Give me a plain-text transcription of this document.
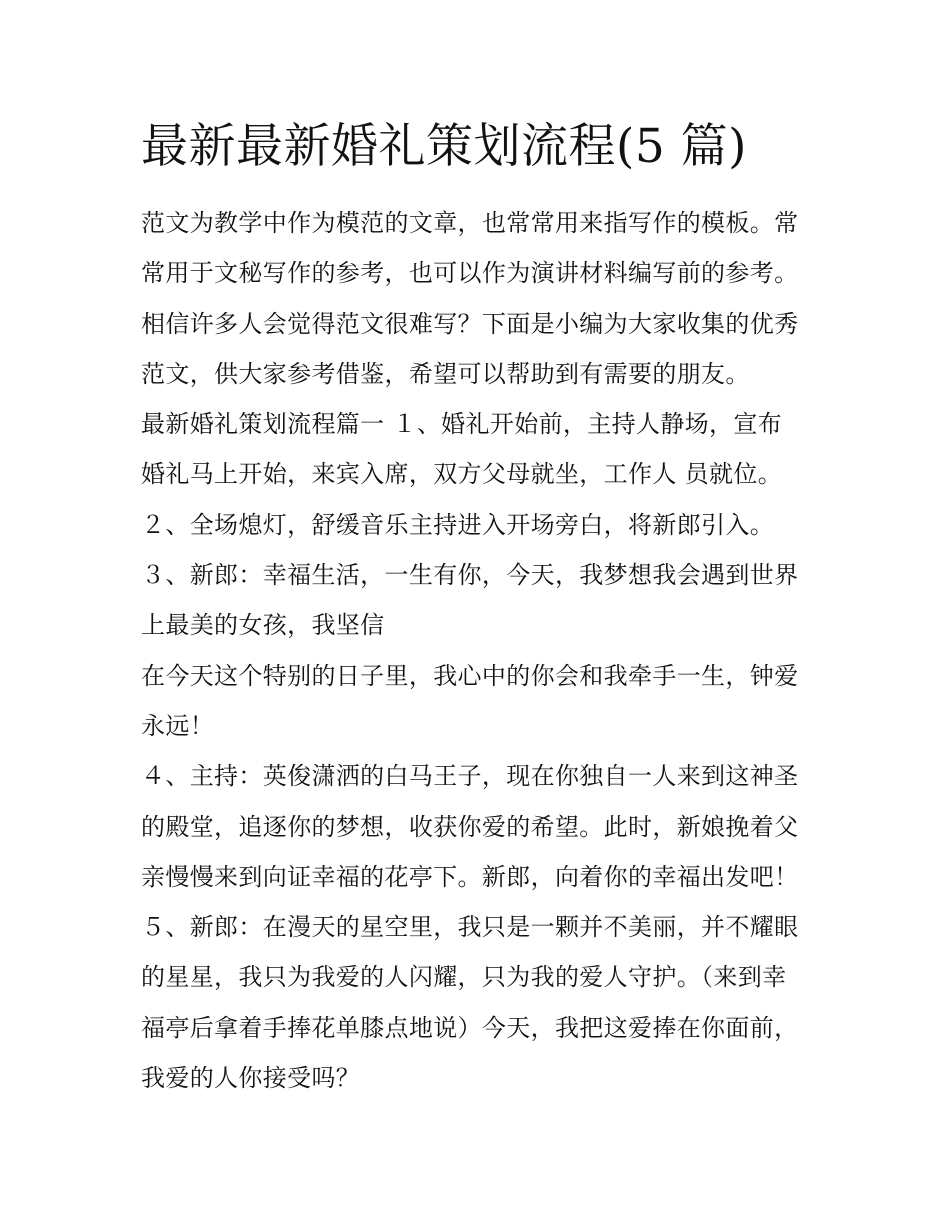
最新最新婚礼策划流程(5 篇)
范文为教学中作为模范的文章，也常常用来指写作的模板。常
常用于文秘写作的参考，也可以作为演讲材料编写前的参考。
相信许多人会觉得范文很难写？下面是小编为大家收集的优秀
范文，供大家参考借鉴，希望可以帮助到有需要的朋友。
最新婚礼策划流程篇一 １、婚礼开始前，主持人静场，宣布
婚礼马上开始，来宾入席，双方父母就坐，工作人 员就位。
２、全场熄灯，舒缓音乐主持进入开场旁白，将新郎引入。
３、新郎：幸福生活，一生有你，今天，我梦想我会遇到世界
上最美的女孩，我坚信
在今天这个特别的日子里，我心中的你会和我牵手一生，钟爱
永远！
４、主持：英俊潇洒的白马王子，现在你独自一人来到这神圣
的殿堂，追逐你的梦想，收获你爱的希望。此时，新娘挽着父
亲慢慢来到向证幸福的花亭下。新郎，向着你的幸福出发吧！
５、新郎：在漫天的星空里，我只是一颗并不美丽，并不耀眼
的星星，我只为我爱的人闪耀，只为我的爱人守护。（来到幸
福亭后拿着手捧花单膝点地说）今天，我把这爱捧在你面前，
我爱的人你接受吗？
